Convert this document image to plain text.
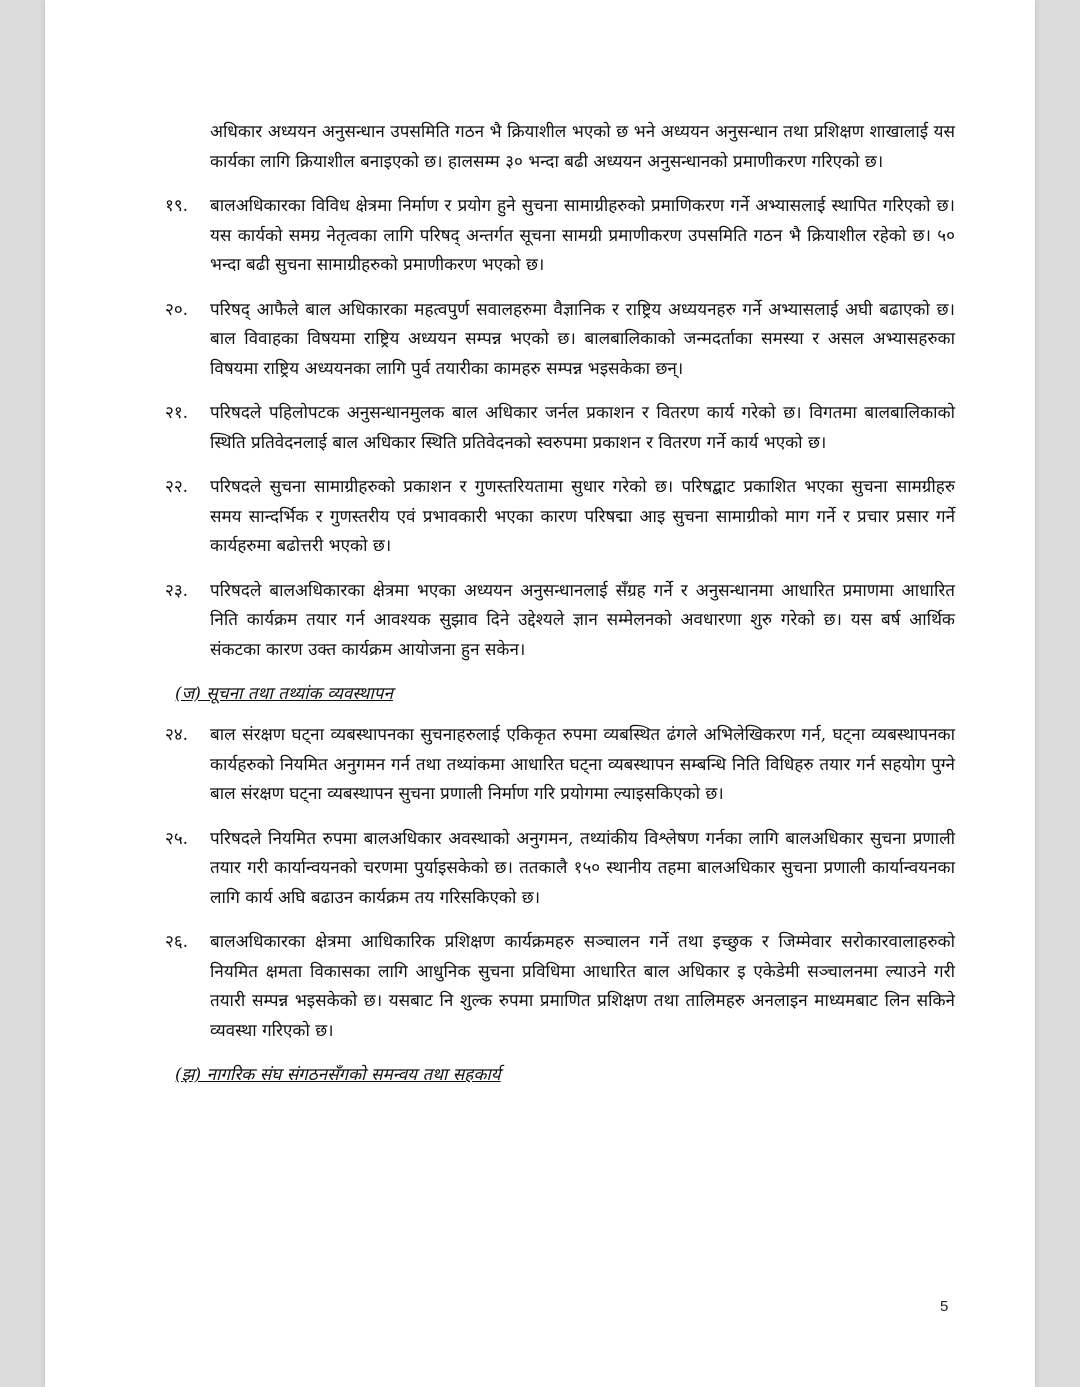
अधिकार अध्ययन अनुसन्धान उपसमिति गठन भै क्रियाशील भएको छ भने अध्ययन अनुसन्धान तथा प्रशिक्षण शाखालाई यस कार्यका लागि क्रियाशील बनाइएको छ। हालसम्म ३० भन्दा बढी अध्ययन अनुसन्धानको प्रमाणीकरण गरिएको छ।

१९.	बालअधिकारका विविध क्षेत्रमा निर्माण र प्रयोग हुने सुचना सामाग्रीहरुको प्रमाणिकरण गर्ने अभ्यासलाई स्थापित गरिएको छ। यस कार्यको समग्र नेतृत्वका लागि परिषद् अन्तर्गत सूचना सामग्री प्रमाणीकरण उपसमिति गठन भै क्रियाशील रहेको छ। ५० भन्दा बढी सुचना सामाग्रीहरुको प्रमाणीकरण भएको छ।
२०.	परिषद् आफैले बाल अधिकारका महत्वपुर्ण सवालहरुमा वैज्ञानिक र राष्ट्रिय अध्ययनहरु गर्ने अभ्यासलाई अघी बढाएको छ। बाल विवाहका विषयमा राष्ट्रिय अध्ययन सम्पन्न भएको छ। बालबालिकाको जन्मदर्ताका समस्या र असल अभ्यासहरुका विषयमा राष्ट्रिय अध्ययनका लागि पुर्व तयारीका कामहरु सम्पन्न भइसकेका छन्।
२१.	परिषदले पहिलोपटक अनुसन्धानमुलक बाल अधिकार जर्नल प्रकाशन र वितरण कार्य गरेको छ। विगतमा बालबालिकाको स्थिति प्रतिवेदनलाई बाल अधिकार स्थिति प्रतिवेदनको स्वरुपमा प्रकाशन र वितरण गर्ने कार्य भएको छ।
२२.	परिषदले सुचना सामाग्रीहरुको प्रकाशन र गुणस्तरियतामा सुधार गरेको छ। परिषद्बाट प्रकाशित भएका सुचना सामग्रीहरु समय सान्दर्भिक र गुणस्तरीय एवं प्रभावकारी भएका कारण परिषद्मा आइ सुचना सामाग्रीको माग गर्ने र प्रचार प्रसार गर्ने कार्यहरुमा बढोत्तरी भएको छ।
२३.	परिषदले बालअधिकारका क्षेत्रमा भएका अध्ययन अनुसन्धानलाई सँग्रह गर्ने र अनुसन्धानमा आधारित प्रमाणमा आधारित निति कार्यक्रम तयार गर्न आवश्यक सुझाव दिने उद्देश्यले ज्ञान सम्मेलनको अवधारणा शुरु गरेको छ। यस बर्ष आर्थिक संकटका कारण उक्त कार्यक्रम आयोजना हुन सकेन।
(ज) सूचना तथा तथ्यांक व्यवस्थापन
२४.	बाल संरक्षण घट्ना व्यबस्थापनका सुचनाहरुलाई एकिकृत रुपमा व्यबस्थित ढंगले अभिलेखिकरण गर्न, घट्ना व्यबस्थापनका कार्यहरुको नियमित अनुगमन गर्न तथा तथ्यांकमा आधारित घट्ना व्यबस्थापन सम्बन्धि निति विधिहरु तयार गर्न सहयोग पुग्ने बाल संरक्षण घट्ना व्यबस्थापन सुचना प्रणाली निर्माण गरि प्रयोगमा ल्याइसकिएको छ।
२५.	परिषदले नियमित रुपमा बालअधिकार अवस्थाको अनुगमन, तथ्यांकीय विश्लेषण गर्नका लागि बालअधिकार सुचना प्रणाली तयार गरी कार्यान्वयनको चरणमा पुर्याइसकेको छ। ततकालै १५० स्थानीय तहमा बालअधिकार सुचना प्रणाली कार्यान्वयनका लागि कार्य अघि बढाउन कार्यक्रम तय गरिसकिएको छ।
२६.	बालअधिकारका क्षेत्रमा आधिकारिक प्रशिक्षण कार्यक्रमहरु सञ्चालन गर्ने तथा इच्छुक र जिम्मेवार सरोकारवालाहरुको नियमित क्षमता विकासका लागि आधुनिक सुचना प्रविधिमा आधारित बाल अधिकार इ एकेडेमी सञ्चालनमा ल्याउने गरी तयारी सम्पन्न भइसकेको छ। यसबाट नि शुल्क रुपमा प्रमाणित प्रशिक्षण तथा तालिमहरु अनलाइन माध्यमबाट लिन सकिने व्यवस्था गरिएको छ।
(झ) नागरिक संघ संगठनसँगको समन्वय तथा सहकार्य
5
